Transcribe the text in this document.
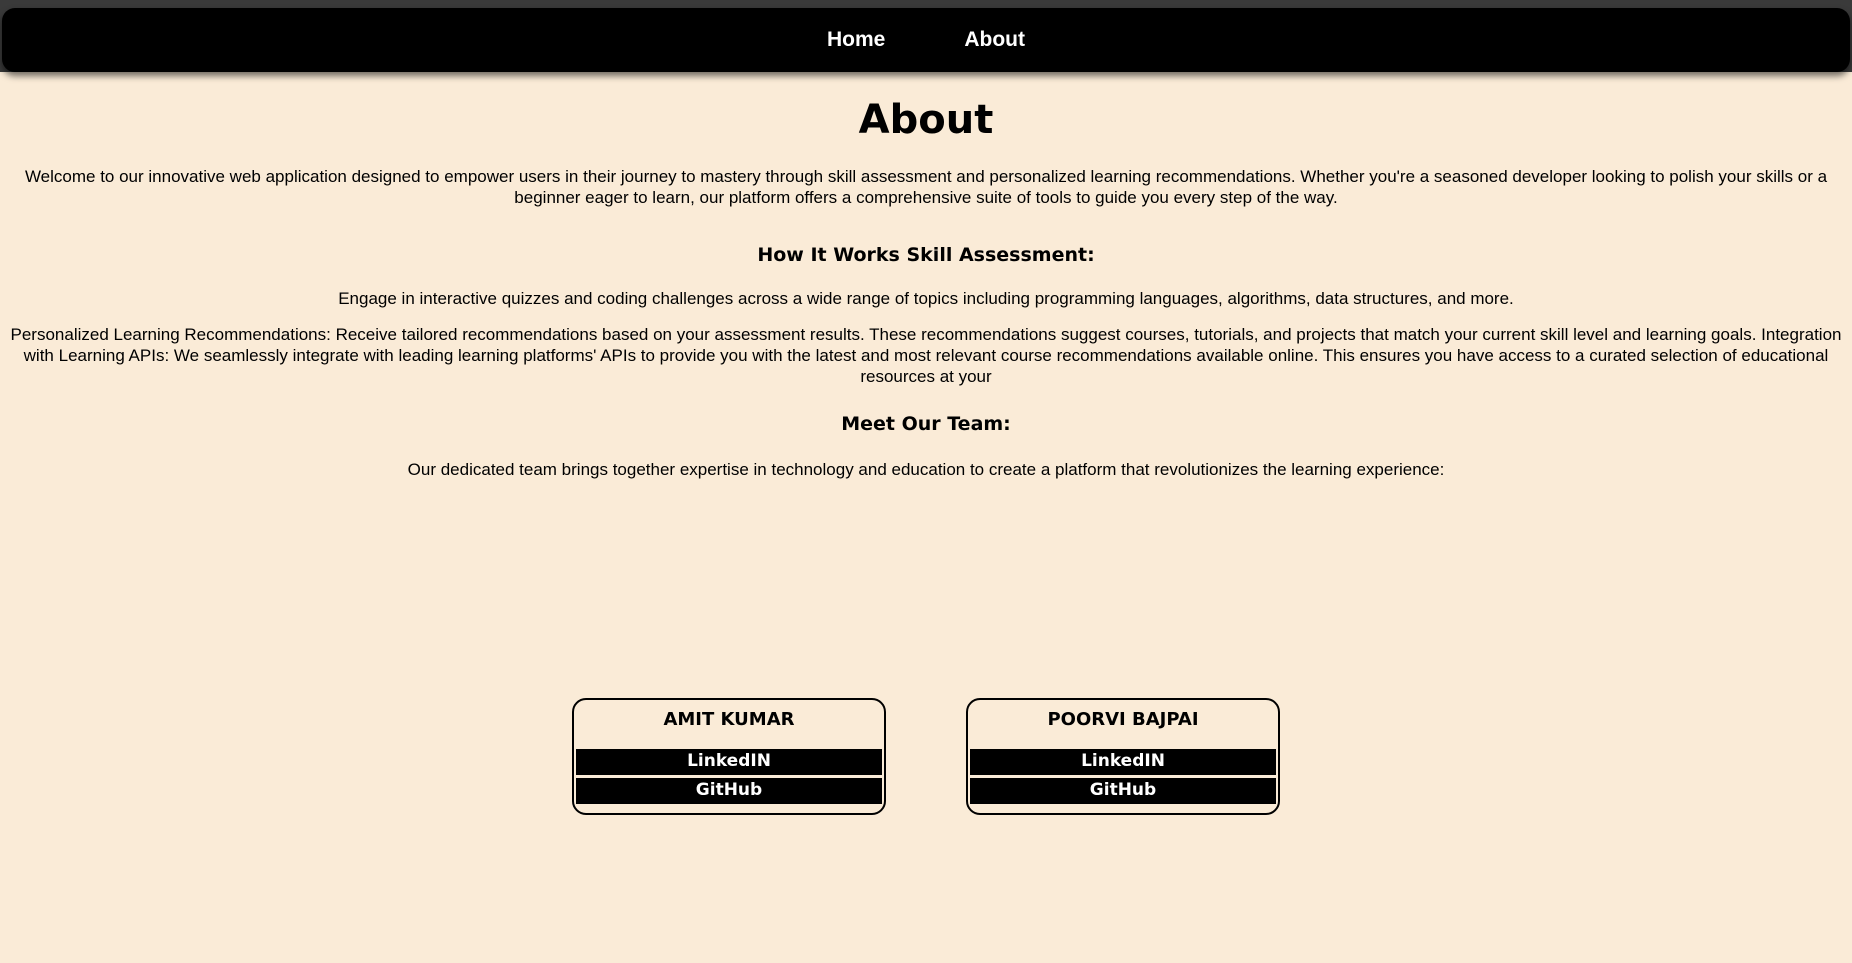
Home	About
About

Welcome to our innovative web application designed to empower users in their journey to mastery through skill assessment and personalized learning recommendations. Whether you're a seasoned developer looking to polish your skills or a beginner eager to learn, our platform offers a comprehensive suite of tools to guide you every step of the way.

How It Works Skill Assessment:

Engage in interactive quizzes and coding challenges across a wide range of topics including programming languages, algorithms, data structures, and more.

Personalized Learning Recommendations: Receive tailored recommendations based on your assessment results. These recommendations suggest courses, tutorials, and projects that match your current skill level and learning goals. Integration with Learning APIs: We seamlessly integrate with leading learning platforms' APIs to provide you with the latest and most relevant course recommendations available online. This ensures you have access to a curated selection of educational resources at your

Meet Our Team:

Our dedicated team brings together expertise in technology and education to create a platform that revolutionizes the learning experience:

AMIT KUMAR
LinkedIN
GitHub
POORVI BAJPAI
LinkedIN
GitHub
